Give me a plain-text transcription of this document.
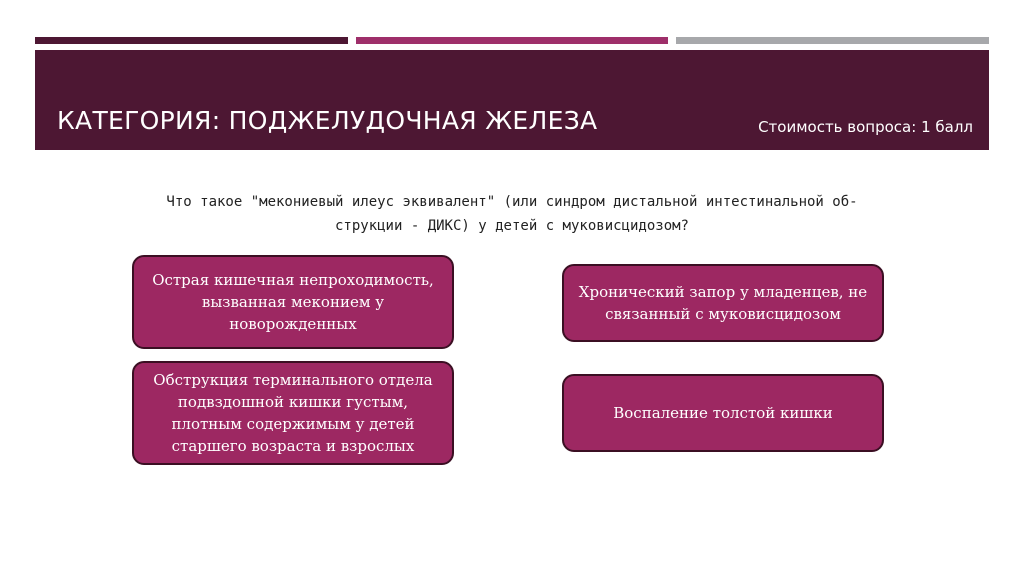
КАТЕГОРИЯ: ПОДЖЕЛУДОЧНАЯ ЖЕЛЕЗА	Стоимость вопроса: 1 балл
Что такое "мекониевый илеус эквивалент" (или синдром дистальной интестинальной об-
струкции - ДИКС) у детей с муковисцидозом?
Острая кишечная непроходимость,
вызванная меконием у
новорожденных
Обструкция терминального отдела
подвздошной кишки густым,
плотным содержимым у детей
старшего возраста и взрослых
Хронический запор у младенцев, не
связанный с муковисцидозом
Воспаление толстой кишки
